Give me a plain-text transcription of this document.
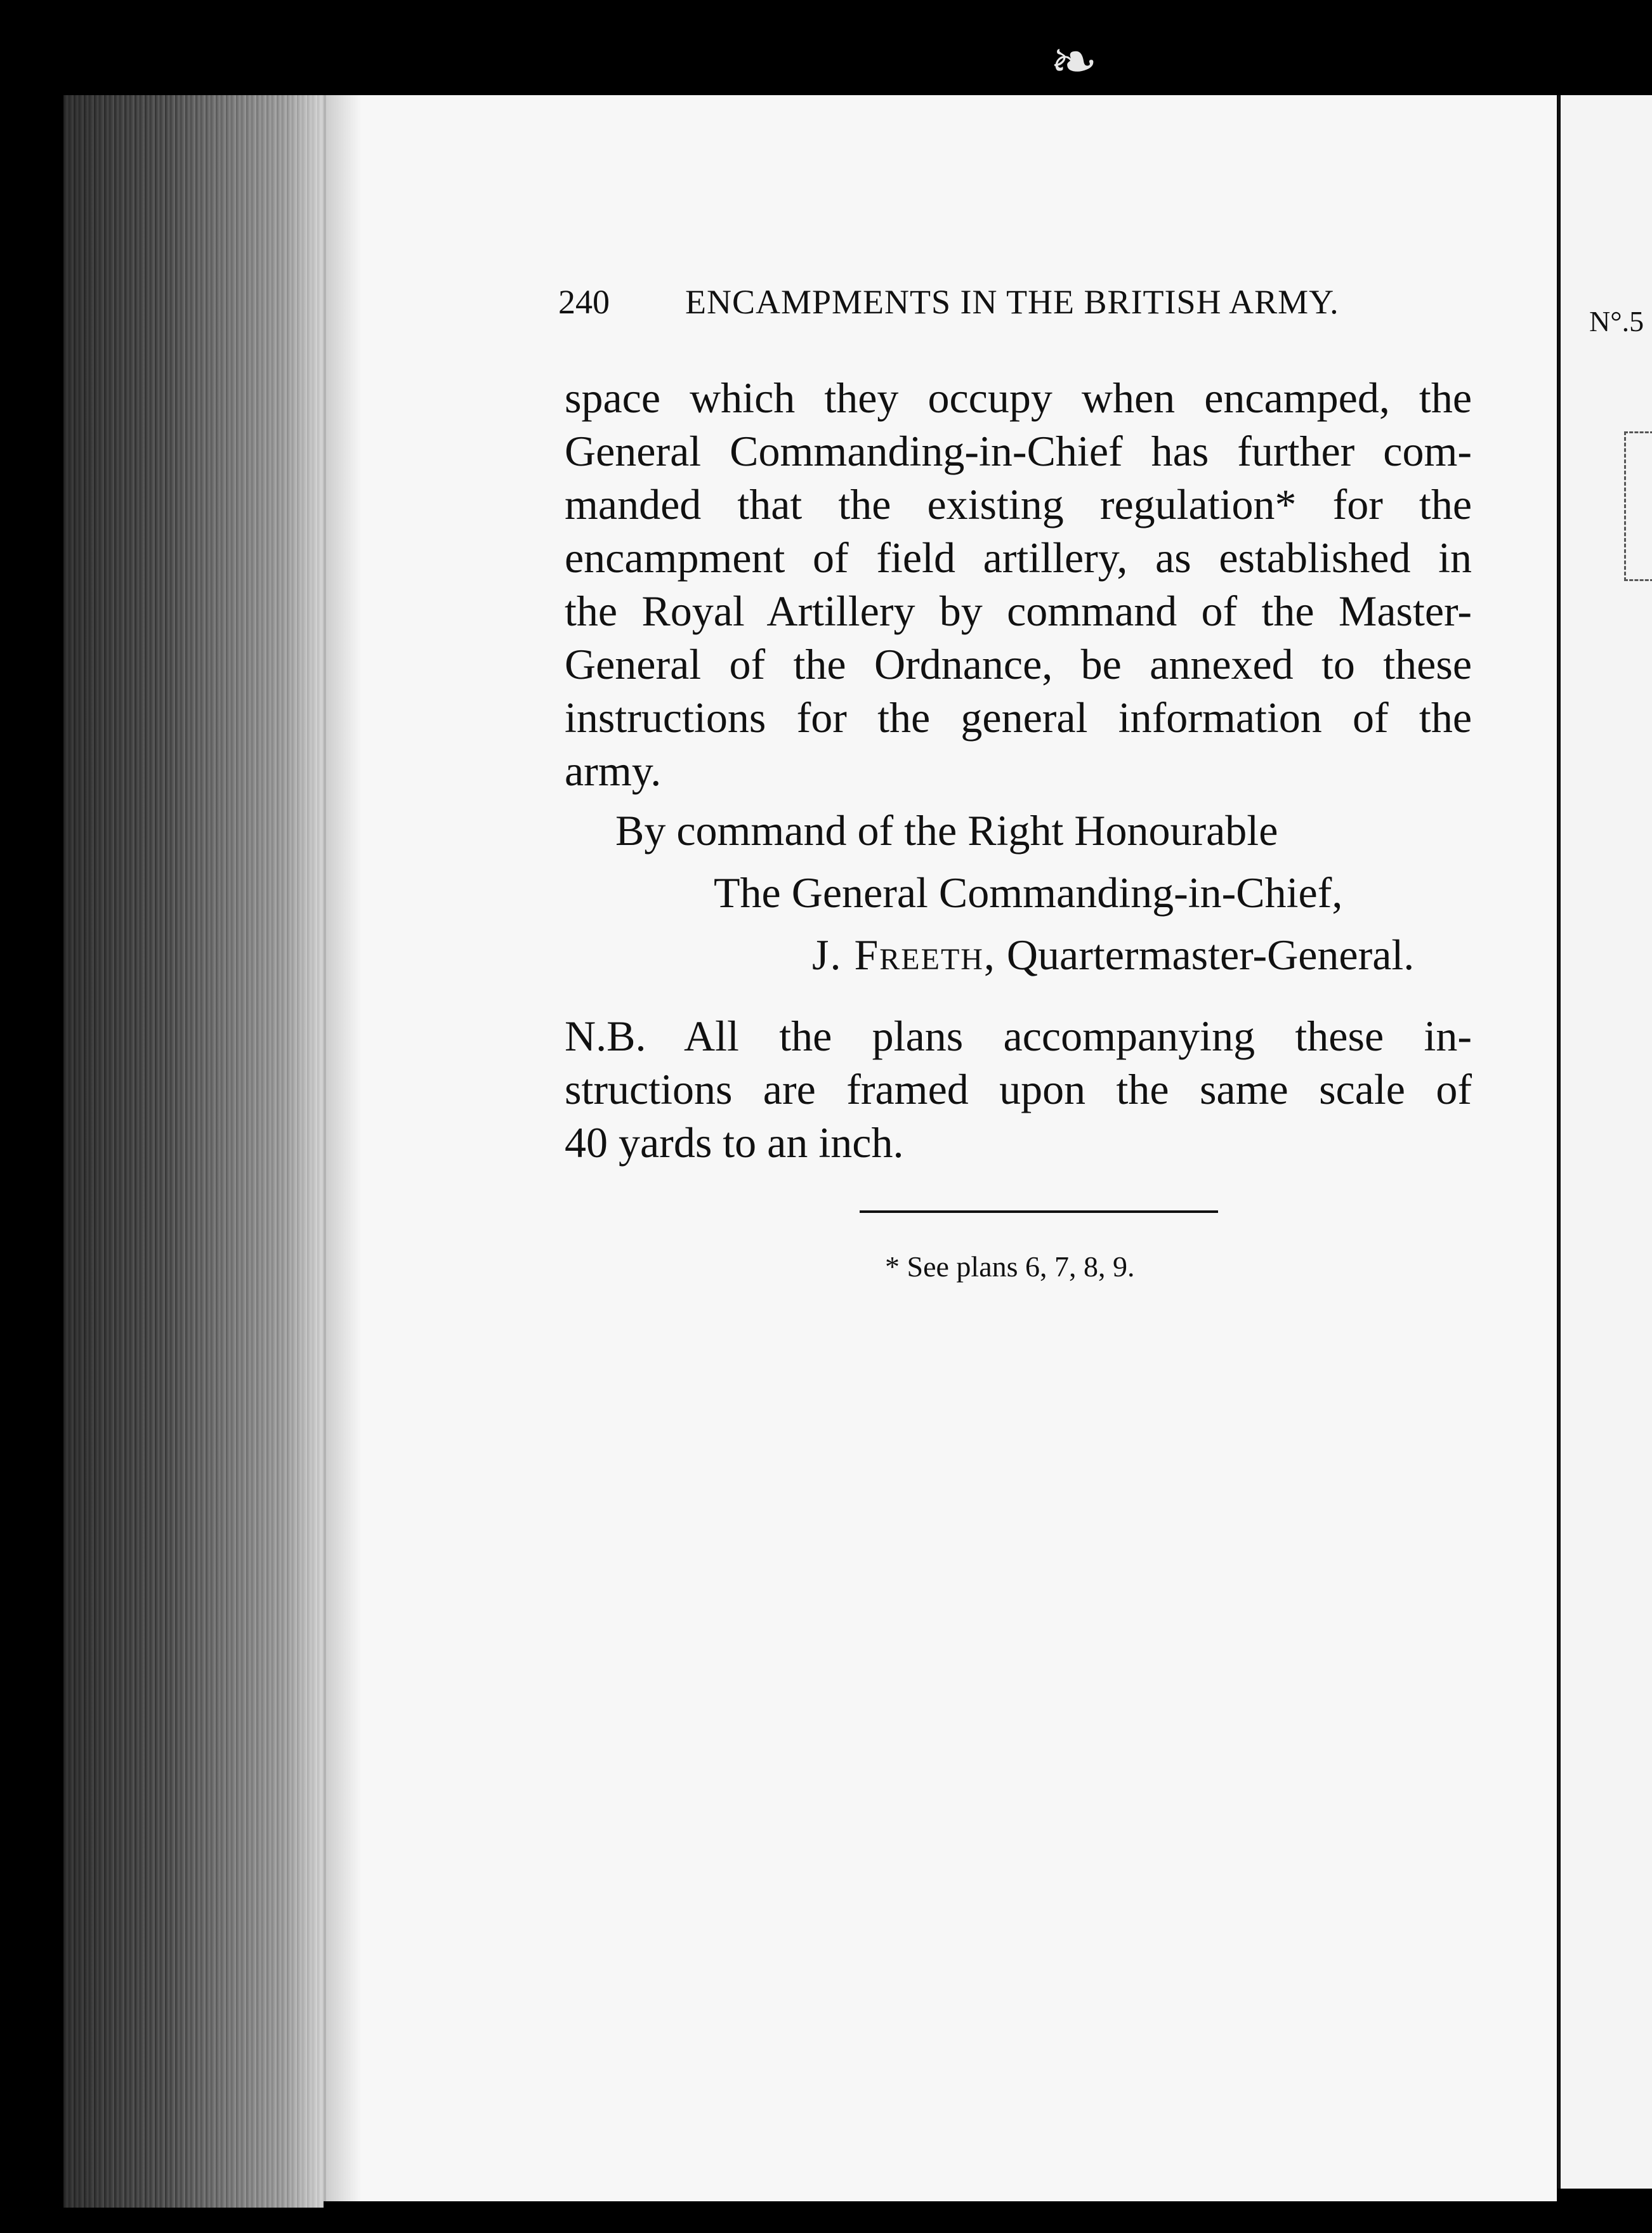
N°.5
❧
240 ENCAMPMENTS IN THE BRITISH ARMY.
space which they occupy when encamped, the
General Commanding-in-Chief has further com-
manded that the existing regulation* for the
encampment of field artillery, as established in
the Royal Artillery by command of the Master-
General of the Ordnance, be annexed to these
instructions for the general information of the
army.
By command of the Right Honourable
The General Commanding-in-Chief,
J. Freeth, Quartermaster-General.
N.B. All the plans accompanying these in-
structions are framed upon the same scale of
40 yards to an inch.
* See plans 6, 7, 8, 9.
